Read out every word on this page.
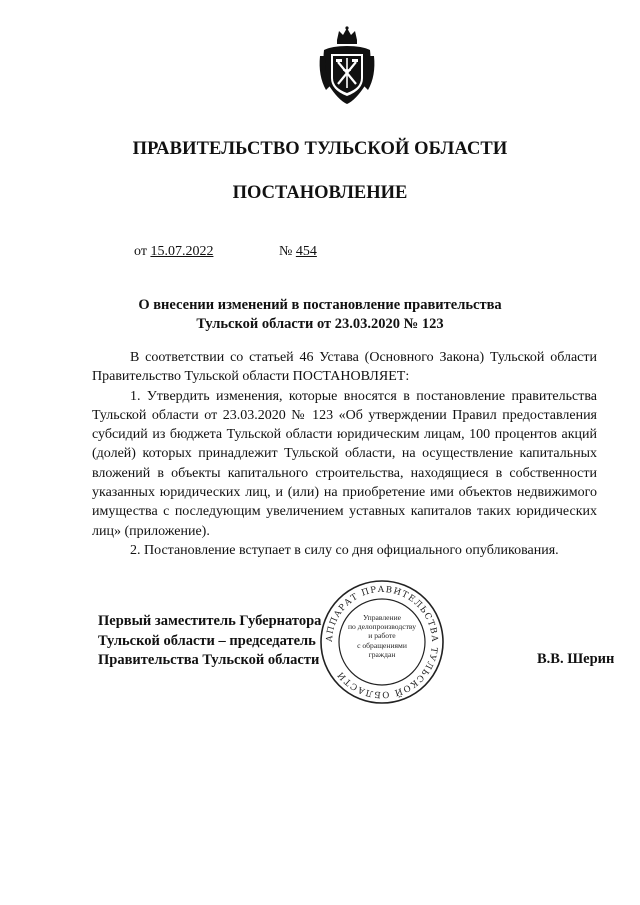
ПРАВИТЕЛЬСТВО ТУЛЬСКОЙ ОБЛАСТИ
ПОСТАНОВЛЕНИЕ
от 15.07.2022	№ 454
О внесении изменений в постановление правительства
Тульской области от 23.03.2020 № 123

В соответствии со статьей 46 Устава (Основного Закона) Тульской области Правительство Тульской области ПОСТАНОВЛЯЕТ:

1. Утвердить изменения, которые вносятся в постановление правительства Тульской области от 23.03.2020 № 123 «Об утверждении Правил предоставления субсидий из бюджета Тульской области юридическим лицам, 100 процентов акций (долей) которых принадлежит Тульской области, на осуществление капитальных вложений в объекты капитального строительства, находящиеся в собственности указанных юридических лиц, и (или) на приобретение ими объектов недвижимого имущества с последующим увеличением уставных капиталов таких юридических лиц» (приложение).

2. Постановление вступает в силу со дня официального опубликования.

Первый заместитель Губернатора
Тульской области – председатель
Правительства Тульской области	В.В. Шерин
АППАРАТ ПРАВИТЕЛЬСТВА ТУЛЬСКОЙ ОБЛАСТИ
Управление
по делопроизводству
и работе
с обращениями
граждан
